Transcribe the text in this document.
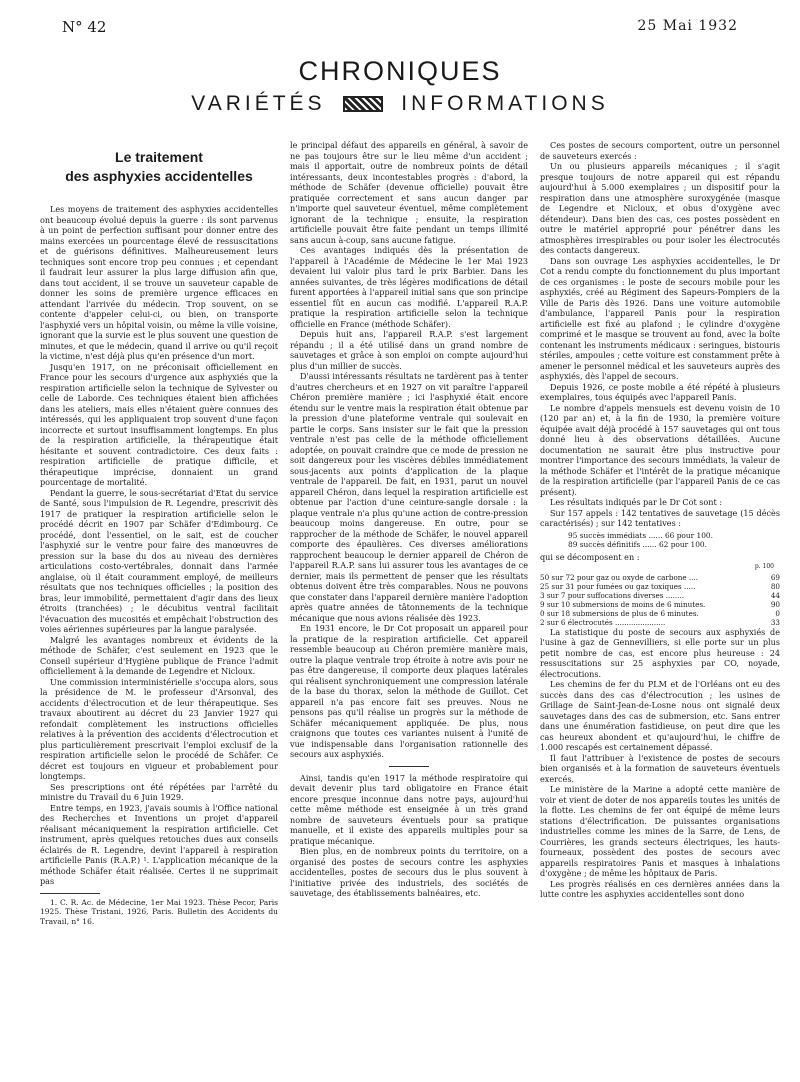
N° 42	25 Mai 1932
CHRONIQUES
VARIÉTÉS	INFORMATIONS
Le traitement
des asphyxies accidentelles

Les moyens de traitement des asphyxies accidentelles ont beaucoup évolué depuis la guerre : ils sont parvenus à un point de perfection suffisant pour donner entre des mains exercées un pourcentage élevé de ressuscitations et de guérisons définitives. Malheureusement leurs techniques sont encore trop peu connues ; et cependant il faudrait leur assurer la plus large diffusion afin que, dans tout accident, il se trouve un sauveteur capable de donner les soins de première urgence efficaces en attendant l'arrivée du médecin. Trop souvent, on se contente d'appeler celui-ci, ou bien, on transporte l'asphyxié vers un hôpital voisin, ou même la ville voisine, ignorant que la survie est le plus souvent une question de minutes, et que le médecin, quand il arrive ou qu'il reçoit la victime, n'est déjà plus qu'en présence d'un mort.

Jusqu'en 1917, on ne préconisait officiellement en France pour les secours d'urgence aux asphyxiés que la respiration artificielle selon la technique de Sylvester ou celle de Laborde. Ces techniques étaient bien affichées dans les ateliers, mais elles n'étaient guère connues des intéressés, qui les appliquaient trop souvent d'une façon incorrecte et surtout insuffisamment longtemps. En plus de la respiration artificielle, la thérapeutique était hésitante et souvent contradictoire. Ces deux faits : respiration artificielle de pratique difficile, et thérapeutique imprécise, donnaient un grand pourcentage de mortalité.

Pendant la guerre, le sous-secrétariat d'Etat du service de Santé, sous l'impulsion de R. Legendre, prescrivit dès 1917 de pratiquer la respiration artificielle selon le procédé décrit en 1907 par Schäfer d'Edimbourg. Ce procédé, dont l'essentiel, on le sait, est de coucher l'asphyxié sur le ventre pour faire des manœuvres de pression sur la base du dos au niveau des dernières articulations costo-vertébrales, donnait dans l'armée anglaise, où il était couramment employé, de meilleurs résultats que nos techniques officielles ; la position des bras, leur immobilité, permettaient d'agir dans des lieux étroits (tranchées) ; le décubitus ventral facilitait l'évacuation des mucosités et empêchait l'obstruction des voies aériennes supérieures par la langue paralysée.

Malgré les avantages nombreux et évidents de la méthode de Schäfer, c'est seulement en 1923 que le Conseil supérieur d'Hygiène publique de France l'admit officiellement à la demande de Legendre et Nicloux.

Une commission interministérielle s'occupa alors, sous la présidence de M. le professeur d'Arsonval, des accidents d'électrocution et de leur thérapeutique. Ses travaux aboutirent au décret du 23 Janvier 1927 qui refondait complètement les instructions officielles relatives à la prévention des accidents d'électrocution et plus particulièrement prescrivait l'emploi exclusif de la respiration artificielle selon le procédé de Schäfer. Ce décret est toujours en vigueur et probablement pour longtemps.

Ses prescriptions ont été répétées par l'arrêté du ministre du Travail du 6 Juin 1929.

Entre temps, en 1923, j'avais soumis à l'Office national des Recherches et Inventions un projet d'appareil réalisant mécaniquement la respiration artificielle. Cet instrument, après quelques retouches dues aux conseils éclairés de R. Legendre, devint l'appareil à respiration artificielle Panis (R.A.P.) ¹. L'application mécanique de la méthode Schäfer était réalisée. Certes il ne supprimait pas

1. C. R. Ac. de Médecine, 1er Mai 1923. Thèse Pecor, Paris 1925. Thèse Tristani, 1926, Paris. Bulletin des Accidents du Travail, n° 16.

le principal défaut des appareils en général, à savoir de ne pas toujours être sur le lieu même d'un accident ; mais il apportait, outre de nombreux points de détail intéressants, deux incontestables progrès : d'abord, la méthode de Schäfer (devenue officielle) pouvait être pratiquée correctement et sans aucun danger par n'importe quel sauveteur éventuel, même complètement ignorant de la technique ; ensuite, la respiration artificielle pouvait être faite pendant un temps illimité sans aucun à-coup, sans aucune fatigue.

Ces avantages indiqués dès la présentation de l'appareil à l'Académie de Médecine le 1er Mai 1923 devaient lui valoir plus tard le prix Barbier. Dans les années suivantes, de très légères modifications de détail furent apportées à l'appareil initial sans que son principe essentiel fût en aucun cas modifié. L'appareil R.A.P. pratique la respiration artificielle selon la technique officielle en France (méthode Schäfer).

Depuis huit ans, l'appareil R.A.P. s'est largement répandu ; il a été utilisé dans un grand nombre de sauvetages et grâce à son emploi on compte aujourd'hui plus d'un millier de succès.

D'aussi intéressants résultats ne tardèrent pas à tenter d'autres chercheurs et en 1927 on vit paraître l'appareil Chéron première manière ; ici l'asphyxié était encore étendu sur le ventre mais la respiration était obtenue par la pression d'une plateforme ventrale qui soulevait en partie le corps. Sans insister sur le fait que la pression ventrale n'est pas celle de la méthode officiellement adoptée, on pouvait craindre que ce mode de pression ne soit dangereux pour les viscères débiles immédiatement sous-jacents aux points d'application de la plaque ventrale de l'appareil. De fait, en 1931, parut un nouvel appareil Chéron, dans lequel la respiration artificielle est obtenue par l'action d'une ceinture-sangle dorsale : la plaque ventrale n'a plus qu'une action de contre-pression beaucoup moins dangereuse. En outre, pour se rapprocher de la méthode de Schäfer, le nouvel appareil comporte des épaulières. Ces diverses améliorations rapprochent beaucoup le dernier appareil de Chéron de l'appareil R.A.P. sans lui assurer tous les avantages de ce dernier, mais ils permettent de penser que les résultats obtenus doivent être très comparables. Nous ne pouvons que constater dans l'appareil dernière manière l'adoption après quatre années de tâtonnements de la technique mécanique que nous avions réalisée dès 1923.

En 1931 encore, le Dr Cot proposait un appareil pour la pratique de la respiration artificielle. Cet appareil ressemble beaucoup au Chéron première manière mais, outre la plaque ventrale trop étroite à notre avis pour ne pas être dangereuse, il comporte deux plaques latérales qui réalisent synchroniquement une compression latérale de la base du thorax, selon la méthode de Guillot. Cet appareil n'a pas encore fait ses preuves. Nous ne pensons pas qu'il réalise un progrès sur la méthode de Schäfer mécaniquement appliquée. De plus, nous craignons que toutes ces variantes nuisent à l'unité de vue indispensable dans l'organisation rationnelle des secours aux asphyxiés.

Ainsi, tandis qu'en 1917 la méthode respiratoire qui devait devenir plus tard obligatoire en France était encore presque inconnue dans notre pays, aujourd'hui cette même méthode est enseignée à un très grand nombre de sauveteurs éventuels pour sa pratique manuelle, et il existe des appareils multiples pour sa pratique mécanique.

Bien plus, en de nombreux points du territoire, on a organisé des postes de secours contre les asphyxies accidentelles, postes de secours dus le plus souvent à l'initiative privée des industriels, des sociétés de sauvetage, des établissements balnéaires, etc.

Ces postes de secours comportent, outre un personnel de sauveteurs exercés :

Un ou plusieurs appareils mécaniques ; il s'agit presque toujours de notre appareil qui est répandu aujourd'hui à 5.000 exemplaires ; un dispositif pour la respiration dans une atmosphère suroxygénée (masque de Legendre et Nicloux, et obus d'oxygène avec détendeur). Dans bien des cas, ces postes possèdent en outre le matériel approprié pour pénétrer dans les atmosphères irrespirables ou pour isoler les électrocutés des contacts dangereux.

Dans son ouvrage Les asphyxies accidentelles, le Dr Cot a rendu compte du fonctionnement du plus important de ces organismes : le poste de secours mobile pour les asphyxiés, créé au Régiment des Sapeurs-Pompiers de la Ville de Paris dès 1926. Dans une voiture automobile d'ambulance, l'appareil Panis pour la respiration artificielle est fixé au plafond ; le cylindre d'oxygène comprimé et le masque se trouvent au fond, avec la boîte contenant les instruments médicaux : seringues, bistouris stériles, ampoules ; cette voiture est constamment prête à amener le personnel médical et les sauveteurs auprès des asphyxiés, dès l'appel de secours.

Depuis 1926, ce poste mobile a été répété à plusieurs exemplaires, tous équipés avec l'appareil Panis.

Le nombre d'appels mensuels est devenu voisin de 10 (120 par an) et, à la fin de 1930, la première voiture équipée avait déjà procédé à 157 sauvetages qui ont tous donné lieu à des observations détaillées. Aucune documentation ne saurait être plus instructive pour montrer l'importance des secours immédiats, la valeur de la méthode Schäfer et l'intérêt de la pratique mécanique de la respiration artificielle (par l'appareil Panis de ce cas présent).

Les résultats indiqués par le Dr Cot sont :

Sur 157 appels : 142 tentatives de sauvetage (15 décès caractérisés) ; sur 142 tentatives :

95 succès immédiats ...... 66 pour 100.
89 succès définitifs ...... 62 pour 100.

qui se décomposent en :

p. 100
50 sur 72 pour gaz ou oxyde de carbone ....	69
25 sur 31 pour fumées ou gaz toxiques .....	80
3 sur 7 pour suffocations diverses ........	44
9 sur 10 submersions de moins de 6 minutes.	90
0 sur 18 submersions de plus de 6 minutes.	0
2 sur 6 électrocutés ......................	33

La statistique du poste de secours aux asphyxiés de l'usine à gaz de Gennevilliers, si elle porte sur un plus petit nombre de cas, est encore plus heureuse : 24 ressuscitations sur 25 asphyxies par CO, noyade, électrocutions.

Les chemins de fer du PLM et de l'Orléans ont eu des succès dans des cas d'électrocution ; les usines de Grillage de Saint-Jean-de-Losne nous ont signalé deux sauvetages dans des cas de submersion, etc. Sans entrer dans une énumération fastidieuse, on peut dire que les cas heureux abondent et qu'aujourd'hui, le chiffre de 1.000 rescapés est certainement dépassé.

Il faut l'attribuer à l'existence de postes de secours bien organisés et à la formation de sauveteurs éventuels exercés.

Le ministère de la Marine a adopté cette manière de voir et vient de doter de nos appareils toutes les unités de la flotte. Les chemins de fer ont équipé de même leurs stations d'électrification. De puissantes organisations industrielles comme les mines de la Sarre, de Lens, de Courrières, les grands secteurs électriques, les hauts-fourneaux, possèdent des postes de secours avec appareils respiratoires Panis et masques à inhalations d'oxygène ; de même les hôpitaux de Paris.

Les progrès réalisés en ces dernières années dans la lutte contre les asphyxies accidentelles sont dono
